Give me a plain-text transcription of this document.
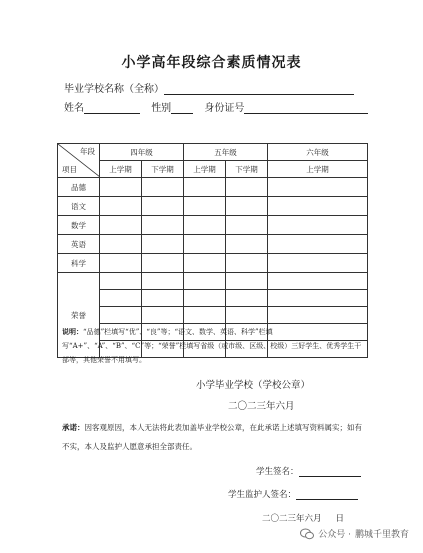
小学高年段综合素质情况表
毕业学校名称（全称）
姓名	性别	身份证号
年段
项目	四年级		五年级		六年级
	上学期	下学期	上学期	下学期	上学期
品德					
语文					
数学					
英语					
科学					
荣誉					

说明：“品德”栏填写“优”、“良”等；“语文、数学、英语、科学”栏填写“A+”、“A”、“B”、“C”等；“荣誉”栏填写省级（或市级、区级、校级）三好学生、优秀学生干部等，其他荣誉不用填写。
小学毕业学校（学校公章）
二〇二三年六月
承诺：因客观原因，本人无法将此表加盖毕业学校公章，在此承诺上述填写资料属实；如有不实，本人及监护人愿意承担全部责任。
学生签名：
学生监护人签名：
二〇二三年六月 日
公众号 · 鹏城千里教育
